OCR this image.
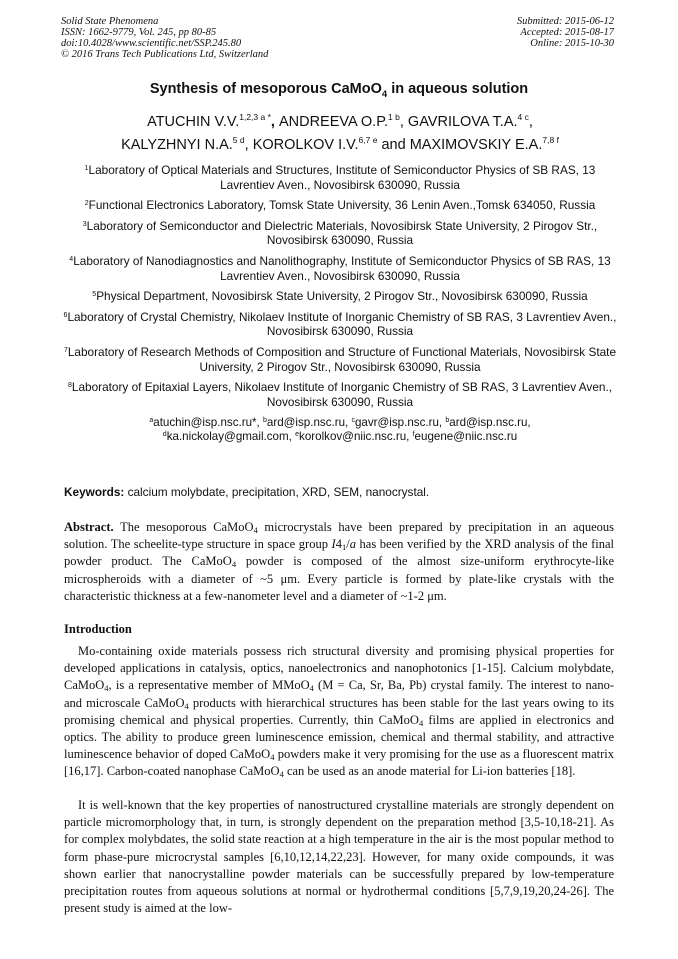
Solid State Phenomena
ISSN: 1662-9779, Vol. 245, pp 80-85
doi:10.4028/www.scientific.net/SSP.245.80
© 2016 Trans Tech Publications Ltd, Switzerland
Submitted: 2015-06-12
Accepted: 2015-08-17
Online: 2015-10-30
Synthesis of mesoporous CaMoO$_4$ in aqueous solution
ATUCHIN V.V.$^{1,2,3 a *}$, ANDREEVA O.P.$^{1 b}$, GAVRILOVA T.A.$^{4 c}$,
KALYZHNYI N.A.$^{5 d}$, KOROLKOV I.V.$^{6,7 e}$ and MAXIMOVSKIY E.A.$^{7,8 f}$
$^1$Laboratory of Optical Materials and Structures, Institute of Semiconductor Physics of SB RAS, 13 Lavrentiev Aven., Novosibirsk 630090, Russia
$^2$Functional Electronics Laboratory, Tomsk State University, 36 Lenin Aven.,Tomsk 634050, Russia
$^3$Laboratory of Semiconductor and Dielectric Materials, Novosibirsk State University, 2 Pirogov Str., Novosibirsk 630090, Russia
$^4$Laboratory of Nanodiagnostics and Nanolithography, Institute of Semiconductor Physics of SB RAS, 13 Lavrentiev Aven., Novosibirsk 630090, Russia
$^5$Physical Department, Novosibirsk State University, 2 Pirogov Str., Novosibirsk 630090, Russia
$^6$Laboratory of Crystal Chemistry, Nikolaev Institute of Inorganic Chemistry of SB RAS, 3 Lavrentiev Aven., Novosibirsk 630090, Russia
$^7$Laboratory of Research Methods of Composition and Structure of Functional Materials, Novosibirsk State University, 2 Pirogov Str., Novosibirsk 630090, Russia
$^8$Laboratory of Epitaxial Layers, Nikolaev Institute of Inorganic Chemistry of SB RAS, 3 Lavrentiev Aven., Novosibirsk 630090, Russia
$^a$atuchin@isp.nsc.ru*, $^b$ard@isp.nsc.ru, $^c$gavr@isp.nsc.ru, $^b$ard@isp.nsc.ru,
$^d$ka.nickolay@gmail.com, $^e$korolkov@niic.nsc.ru, $^f$eugene@niic.nsc.ru
Keywords: calcium molybdate, precipitation, XRD, SEM, nanocrystal.
Abstract. The mesoporous CaMoO$_4$ microcrystals have been prepared by precipitation in an aqueous solution. The scheelite-type structure in space group $I4_1/a$ has been verified by the XRD analysis of the final powder product. The CaMoO$_4$ powder is composed of the almost size-uniform erythrocyte-like microspheroids with a diameter of ~5 μm. Every particle is formed by plate-like crystals with the characteristic thickness at a few-nanometer level and a diameter of ~1-2 μm.
Introduction
Mo-containing oxide materials possess rich structural diversity and promising physical properties for developed applications in catalysis, optics, nanoelectronics and nanophotonics [1-15]. Calcium molybdate, CaMoO$_4$, is a representative member of MMoO$_4$ (M = Ca, Sr, Ba, Pb) crystal family. The interest to nano- and microscale CaMoO$_4$ products with hierarchical structures has been stable for the last years owing to its promising chemical and physical properties. Currently, thin CaMoO$_4$ films are applied in electronics and optics. The ability to produce green luminescence emission, chemical and thermal stability, and attractive luminescence behavior of doped CaMoO$_4$ powders make it very promising for the use as a fluorescent matrix [16,17]. Carbon-coated nanophase CaMoO$_4$ can be used as an anode material for Li-ion batteries [18].
It is well-known that the key properties of nanostructured crystalline materials are strongly dependent on particle micromorphology that, in turn, is strongly dependent on the preparation method [3,5-10,18-21]. As for complex molybdates, the solid state reaction at a high temperature in the air is the most popular method to form phase-pure microcrystal samples [6,10,12,14,22,23]. However, for many oxide compounds, it was shown earlier that nanocrystalline powder materials can be successfully prepared by low-temperature precipitation routes from aqueous solutions at normal or hydrothermal conditions [5,7,9,19,20,24-26]. The present study is aimed at the low-
